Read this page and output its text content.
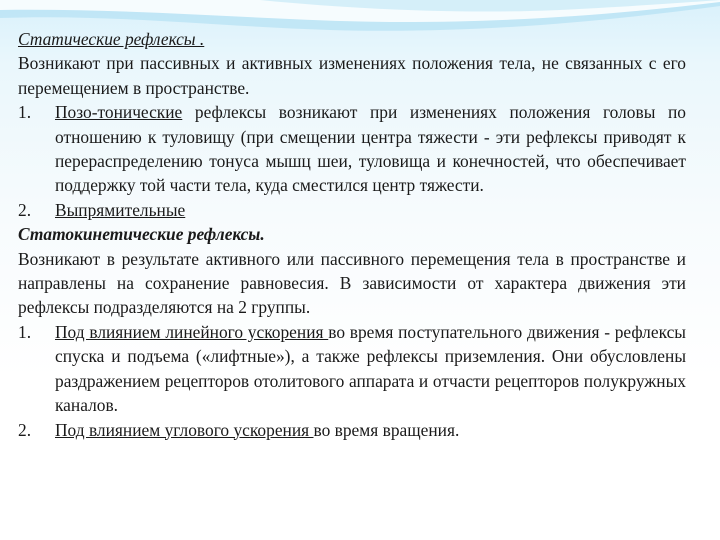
Статические рефлексы .
Возникают при пассивных и активных изменениях положения тела, не связанных с его перемещением в пространстве.
1. Позо-тонические рефлексы возникают при изменениях положения головы по отношению к туловищу (при смещении центра тяжести - эти рефлексы приводят к перераспределению тонуса мышц шеи, туловища и конечностей, что обеспечивает поддержку той части тела, куда сместился центр тяжести.
2. Выпрямительные
Статокинетические рефлексы.
Возникают в результате активного или пассивного перемещения тела в пространстве и направлены на сохранение равновесия. В зависимости от характера движения эти рефлексы подразделяются на 2 группы.
1. Под влиянием линейного ускорения во время поступательного движения - рефлексы спуска и подъема («лифтные»), а также рефлексы приземления. Они обусловлены раздражением рецепторов отолитового аппарата и отчасти рецепторов полукружных каналов.
2. Под влиянием углового ускорения во время вращения.
